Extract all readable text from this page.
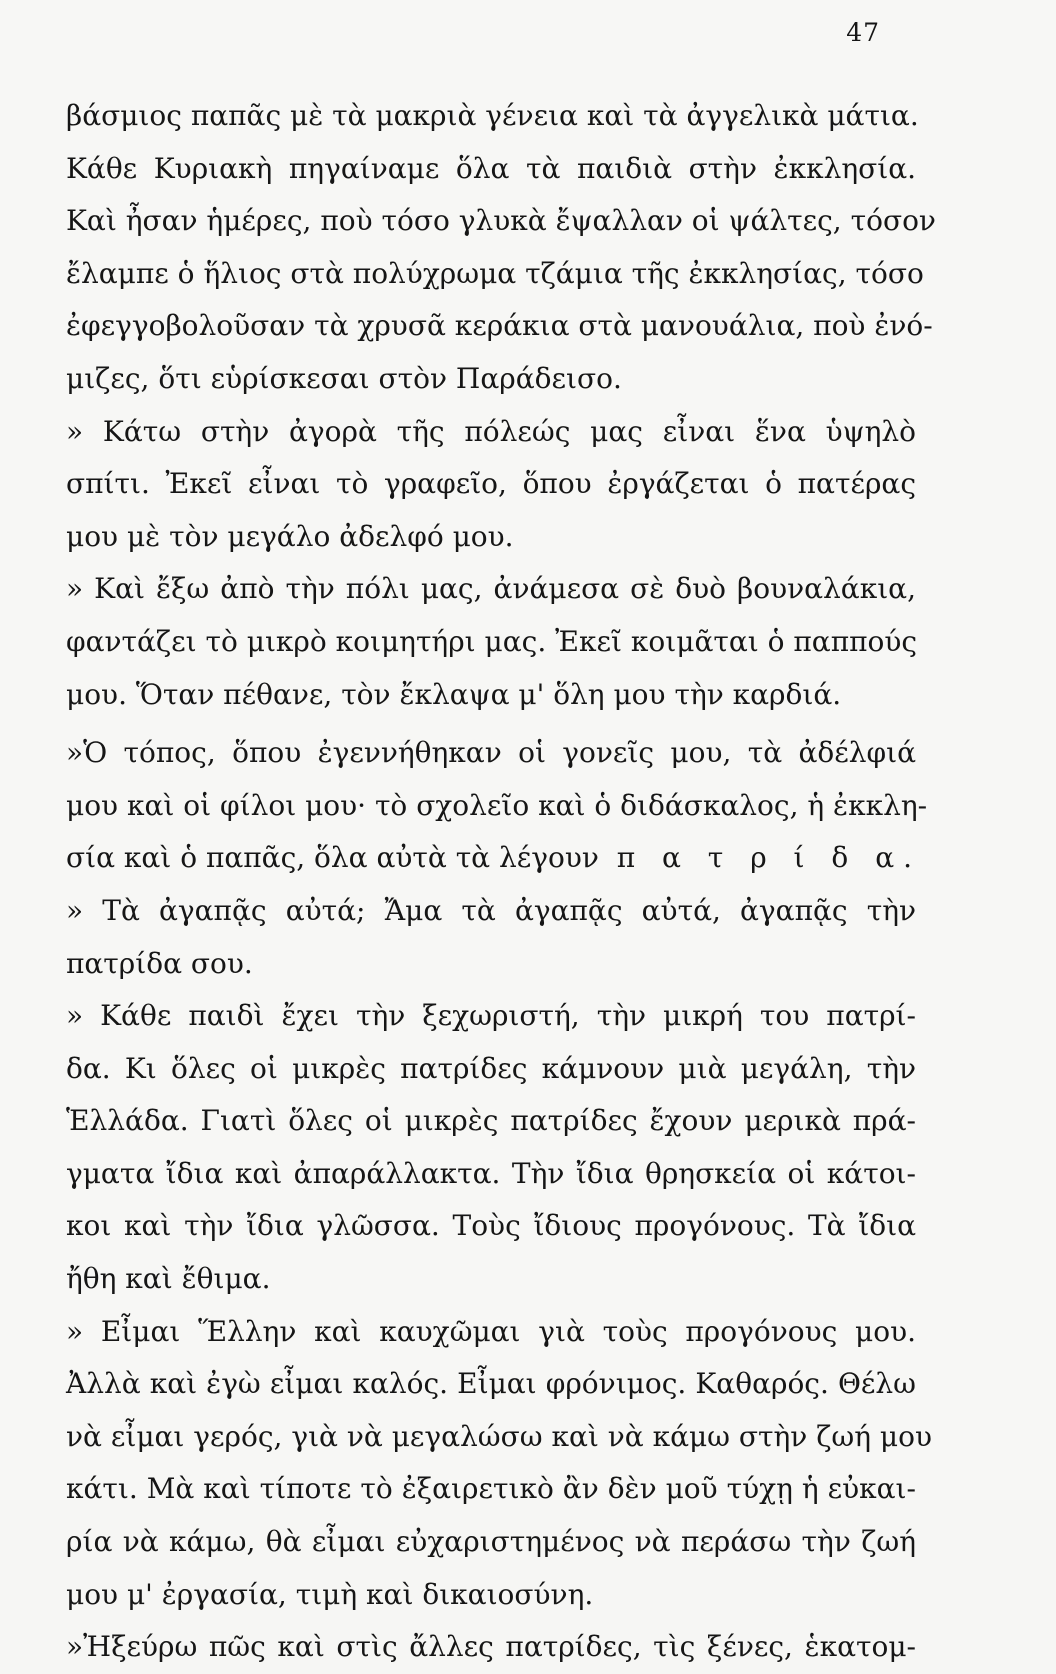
47
βάσμιος παπᾶς μὲ τὰ μακριὰ γένεια καὶ τὰ ἀγγελικὰ μάτια.
Κάθε Κυριακὴ πηγαίναμε ὅλα τὰ παιδιὰ στὴν ἐκκλησία.
Καὶ ἦσαν ἡμέρες, ποὺ τόσο γλυκὰ ἔψαλλαν οἱ ψάλτες, τόσον
ἔλαμπε ὁ ἥλιος στὰ πολύχρωμα τζάμια τῆς ἐκκλησίας, τόσο
ἐφεγγοβολοῦσαν τὰ χρυσᾶ κεράκια στὰ μανουάλια, ποὺ ἐνό-
μιζες, ὅτι εὑρίσκεσαι στὸν Παράδεισο.
» Κάτω στὴν ἀγορὰ τῆς πόλεώς μας εἶναι ἕνα ὑψηλὸ
σπίτι. Ἐκεῖ εἶναι τὸ γραφεῖο, ὅπου ἐργάζεται ὁ πατέρας
μου μὲ τὸν μεγάλο ἀδελφό μου.
» Καὶ ἔξω ἀπὸ τὴν πόλι μας, ἀνάμεσα σὲ δυὸ βουναλάκια,
φαντάζει τὸ μικρὸ κοιμητήρι μας. Ἐκεῖ κοιμᾶται ὁ παππούς
μου. Ὅταν πέθανε, τὸν ἔκλαψα μ' ὅλη μου τὴν καρδιά.
»Ὁ τόπος, ὅπου ἐγεννήθηκαν οἱ γονεῖς μου, τὰ ἀδέλφιά
μου καὶ οἱ φίλοι μου· τὸ σχολεῖο καὶ ὁ διδάσκαλος, ἡ ἐκκλη-
σία καὶ ὁ παπᾶς, ὅλα αὐτὰ τὰ λέγουν π α τ ρ ί δ α.
» Τὰ ἀγαπᾷς αὐτά; Ἄμα τὰ ἀγαπᾷς αὐτά, ἀγαπᾷς τὴν
πατρίδα σου.
» Κάθε παιδὶ ἔχει τὴν ξεχωριστή, τὴν μικρή του πατρί-
δα. Κι ὅλες οἱ μικρὲς πατρίδες κάμνουν μιὰ μεγάλη, τὴν
Ἑλλάδα. Γιατὶ ὅλες οἱ μικρὲς πατρίδες ἔχουν μερικὰ πρά-
γματα ἴδια καὶ ἀπαράλλακτα. Τὴν ἴδια θρησκεία οἱ κάτοι-
κοι καὶ τὴν ἴδια γλῶσσα. Τοὺς ἴδιους προγόνους. Τὰ ἴδια
ἤθη καὶ ἔθιμα.
» Εἶμαι Ἕλλην καὶ καυχῶμαι γιὰ τοὺς προγόνους μου.
Ἀλλὰ καὶ ἐγὼ εἶμαι καλός. Εἶμαι φρόνιμος. Καθαρός. Θέλω
νὰ εἶμαι γερός, γιὰ νὰ μεγαλώσω καὶ νὰ κάμω στὴν ζωή μου
κάτι. Μὰ καὶ τίποτε τὸ ἐξαιρετικὸ ἂν δὲν μοῦ τύχῃ ἡ εὐκαι-
ρία νὰ κάμω, θὰ εἶμαι εὐχαριστημένος νὰ περάσω τὴν ζωή
μου μ' ἐργασία, τιμὴ καὶ δικαιοσύνη.
»Ἠξεύρω πῶς καὶ στὶς ἄλλες πατρίδες, τὶς ξένες, ἑκατομ-
